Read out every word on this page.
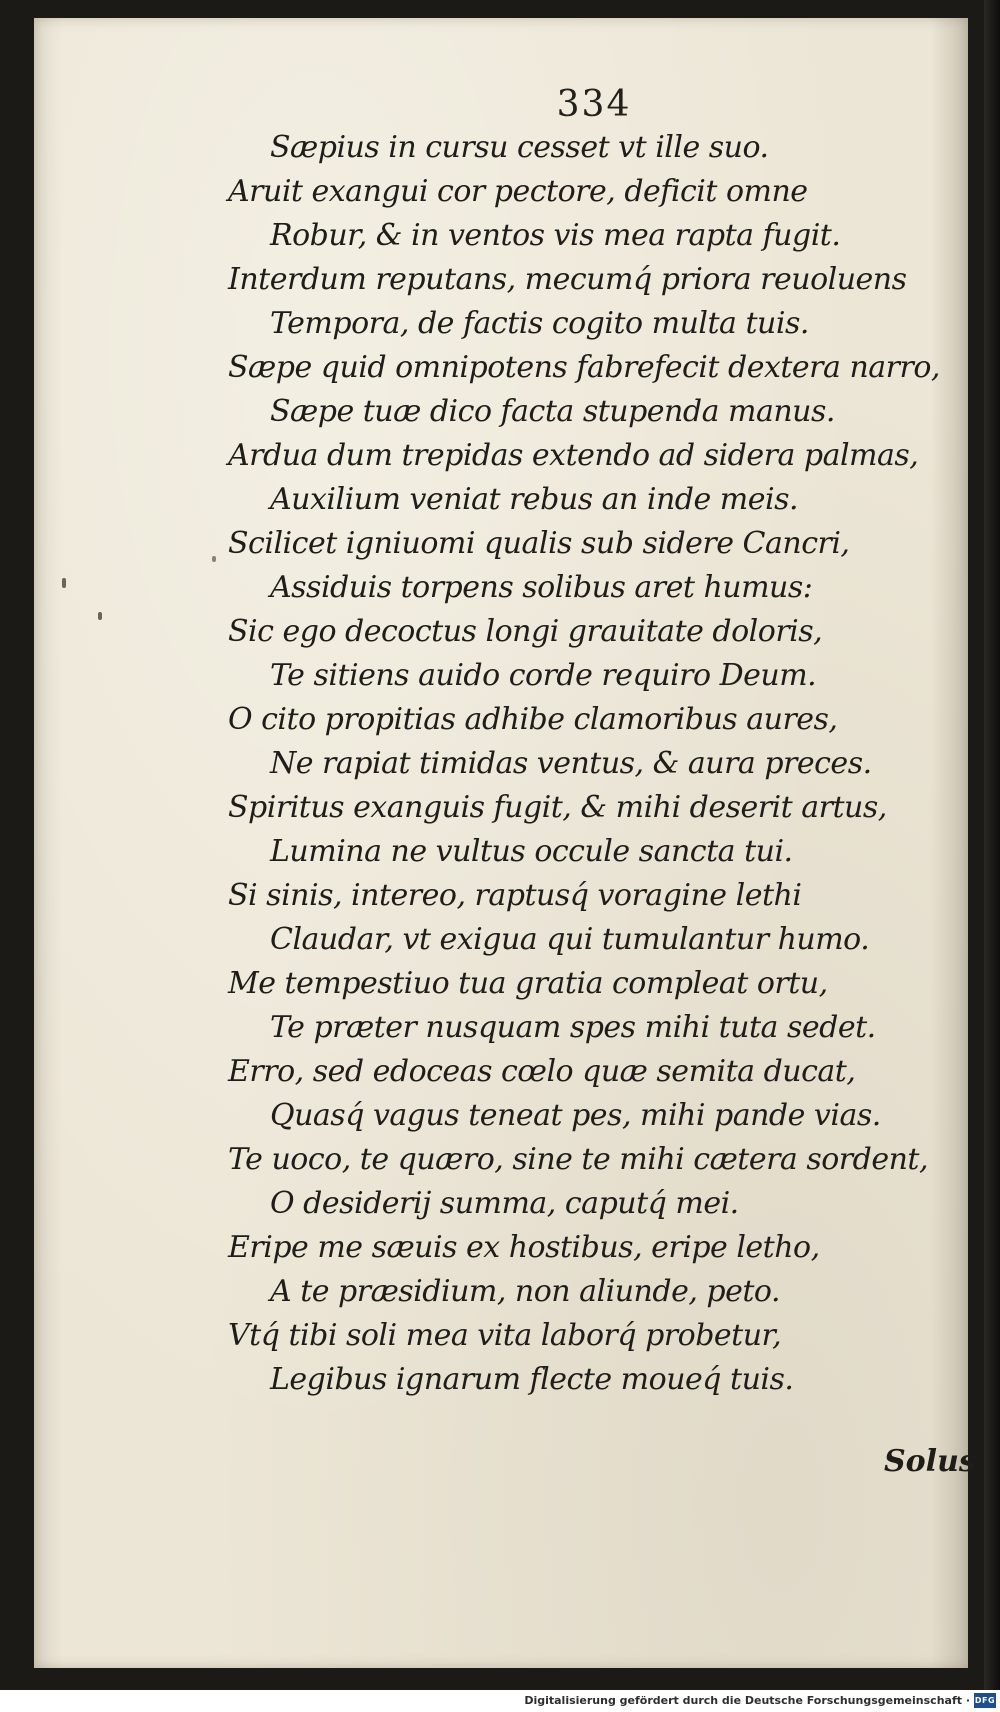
334
Sæpius in cursu cesset vt ille suo.
Aruit exangui cor pectore, deficit omne
Robur, & in ventos vis mea rapta fugit.
Interdum reputans, mecumq́ priora reuoluens
Tempora, de factis cogito multa tuis.
Sæpe quid omnipotens fabrefecit dextera narro,
Sæpe tuæ dico facta stupenda manus.
Ardua dum trepidas extendo ad sidera palmas,
Auxilium veniat rebus an inde meis.
Scilicet igniuomi qualis sub sidere Cancri,
Assiduis torpens solibus aret humus:
Sic ego decoctus longi grauitate doloris,
Te sitiens auido corde requiro Deum.
O cito propitias adhibe clamoribus aures,
Ne rapiat timidas ventus, & aura preces.
Spiritus exanguis fugit, & mihi deserit artus,
Lumina ne vultus occule sancta tui.
Si sinis, intereo, raptusq́ voragine lethi
Claudar, vt exigua qui tumulantur humo.
Me tempestiuo tua gratia compleat ortu,
Te præter nusquam spes mihi tuta sedet.
Erro, sed edoceas cœlo quæ semita ducat,
Quasq́ vagus teneat pes, mihi pande vias.
Te uoco, te quæro, sine te mihi cætera sordent,
O desiderij summa, caputq́ mei.
Eripe me sæuis ex hostibus, eripe letho,
A te præsidium, non aliunde, peto.
Vtq́ tibi soli mea vita laborq́ probetur,
Legibus ignarum flecte moueq́ tuis.
Solus
Digitalisierung gefördert durch die Deutsche Forschungsgemeinschaft · DFG
